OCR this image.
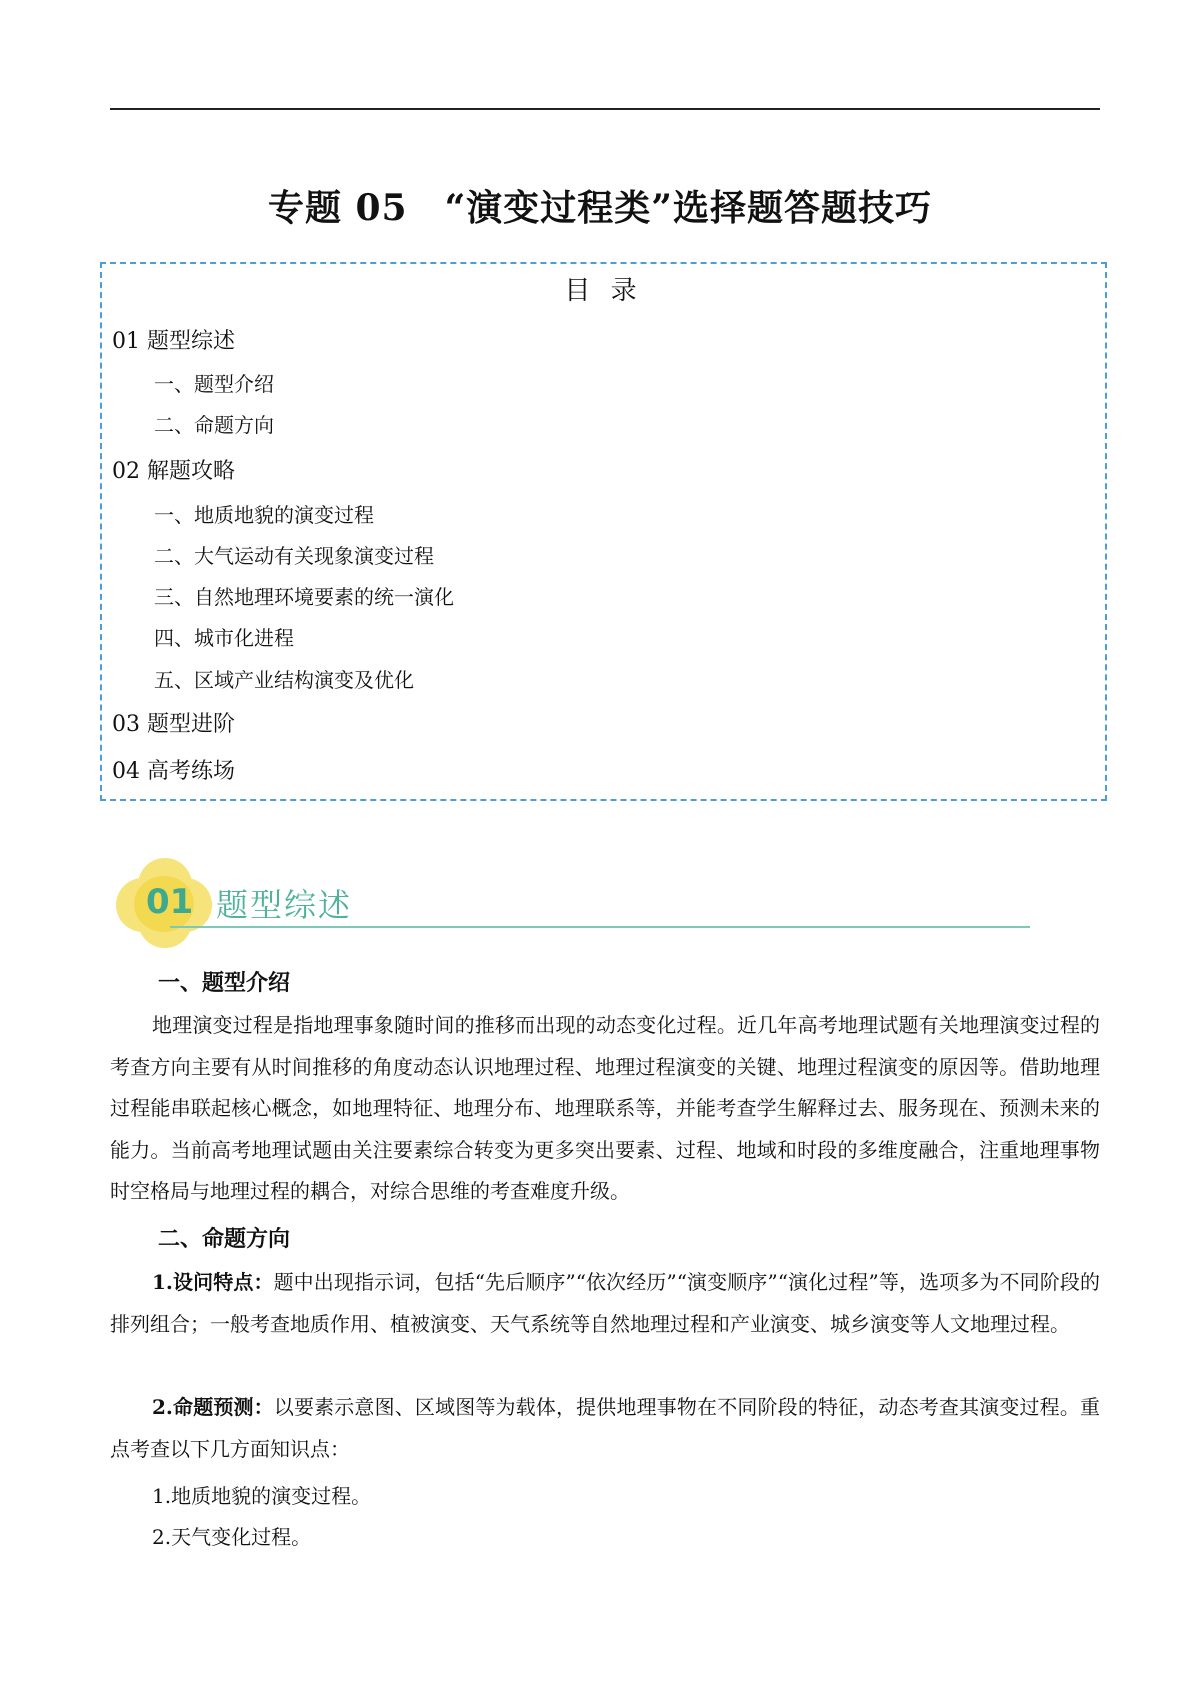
专题 05　“演变过程类”选择题答题技巧
目 录
01 题型综述
一、题型介绍
二、命题方向
02 解题攻略
一、地质地貌的演变过程
二、大气运动有关现象演变过程
三、自然地理环境要素的统一演化
四、城市化进程
五、区域产业结构演变及优化
03 题型进阶
04 高考练场
01 题型综述
一、题型介绍

地理演变过程是指地理事象随时间的推移而出现的动态变化过程。近几年高考地理试题有关地理演变过程的考查方向主要有从时间推移的角度动态认识地理过程、地理过程演变的关键、地理过程演变的原因等。借助地理过程能串联起核心概念，如地理特征、地理分布、地理联系等，并能考查学生解释过去、服务现在、预测未来的能力。当前高考地理试题由关注要素综合转变为更多突出要素、过程、地域和时段的多维度融合，注重地理事物时空格局与地理过程的耦合，对综合思维的考查难度升级。

二、命题方向

1.设问特点：题中出现指示词，包括“先后顺序”“依次经历”“演变顺序”“演化过程”等，选项多为不同阶段的排列组合；一般考查地质作用、植被演变、天气系统等自然地理过程和产业演变、城乡演变等人文地理过程。

2.命题预测：以要素示意图、区域图等为载体，提供地理事物在不同阶段的特征，动态考查其演变过程。重点考查以下几方面知识点：

1.地质地貌的演变过程。
2.天气变化过程。
